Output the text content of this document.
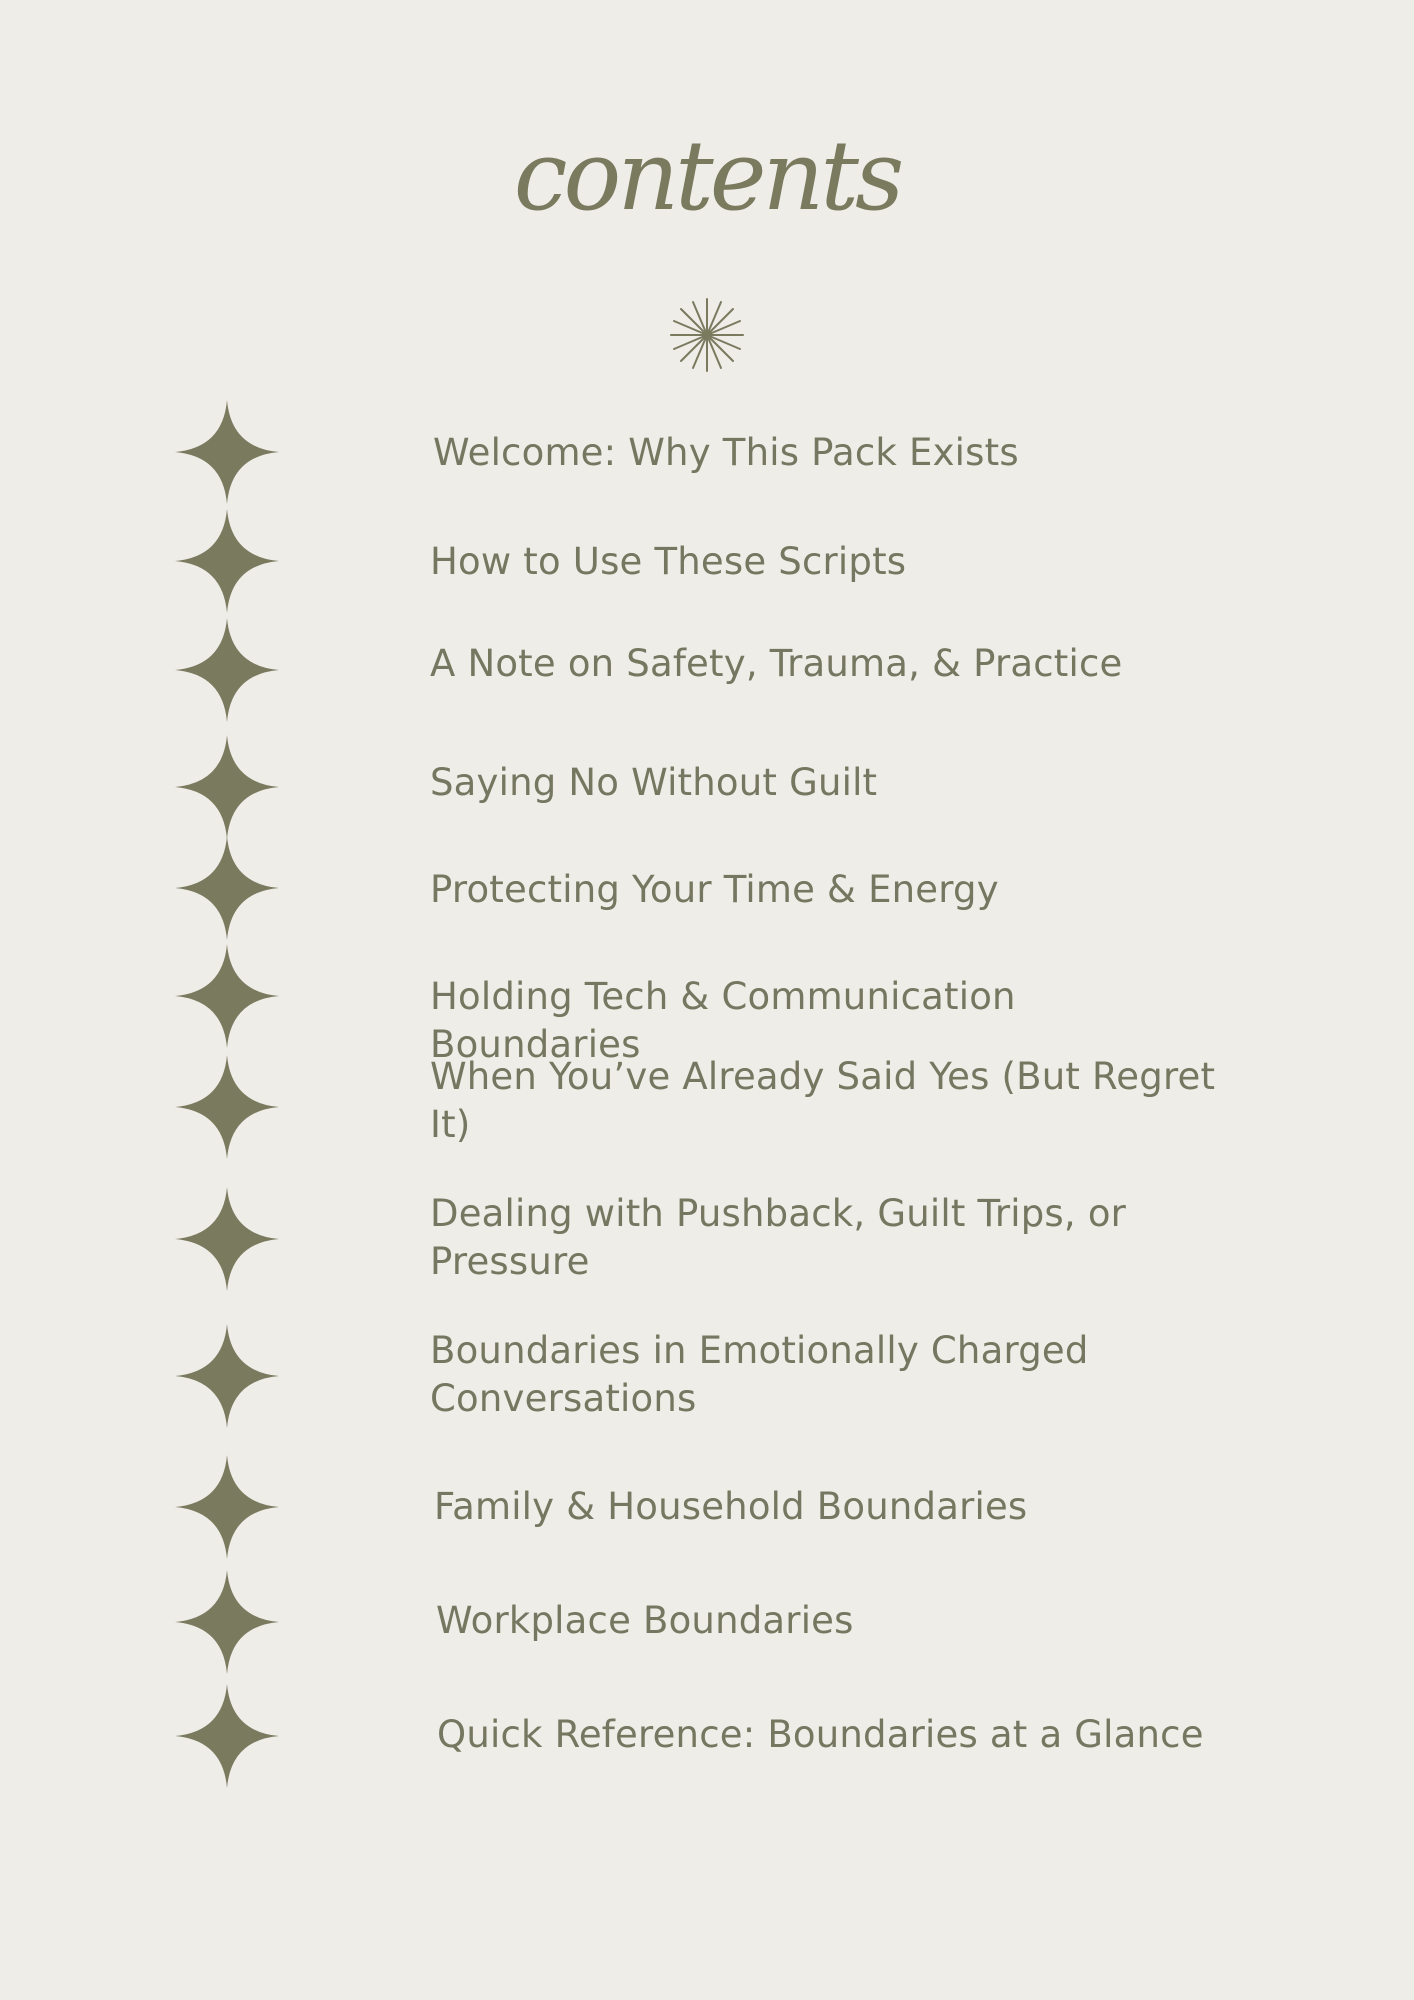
contents
Welcome: Why This Pack Exists
How to Use These Scripts
A Note on Safety, Trauma, & Practice
Saying No Without Guilt
Protecting Your Time & Energy
Holding Tech & Communication Boundaries
When You’ve Already Said Yes (But Regret It)
Dealing with Pushback, Guilt Trips, or Pressure
Boundaries in Emotionally Charged Conversations
Family & Household Boundaries
Workplace Boundaries
Quick Reference: Boundaries at a Glance
